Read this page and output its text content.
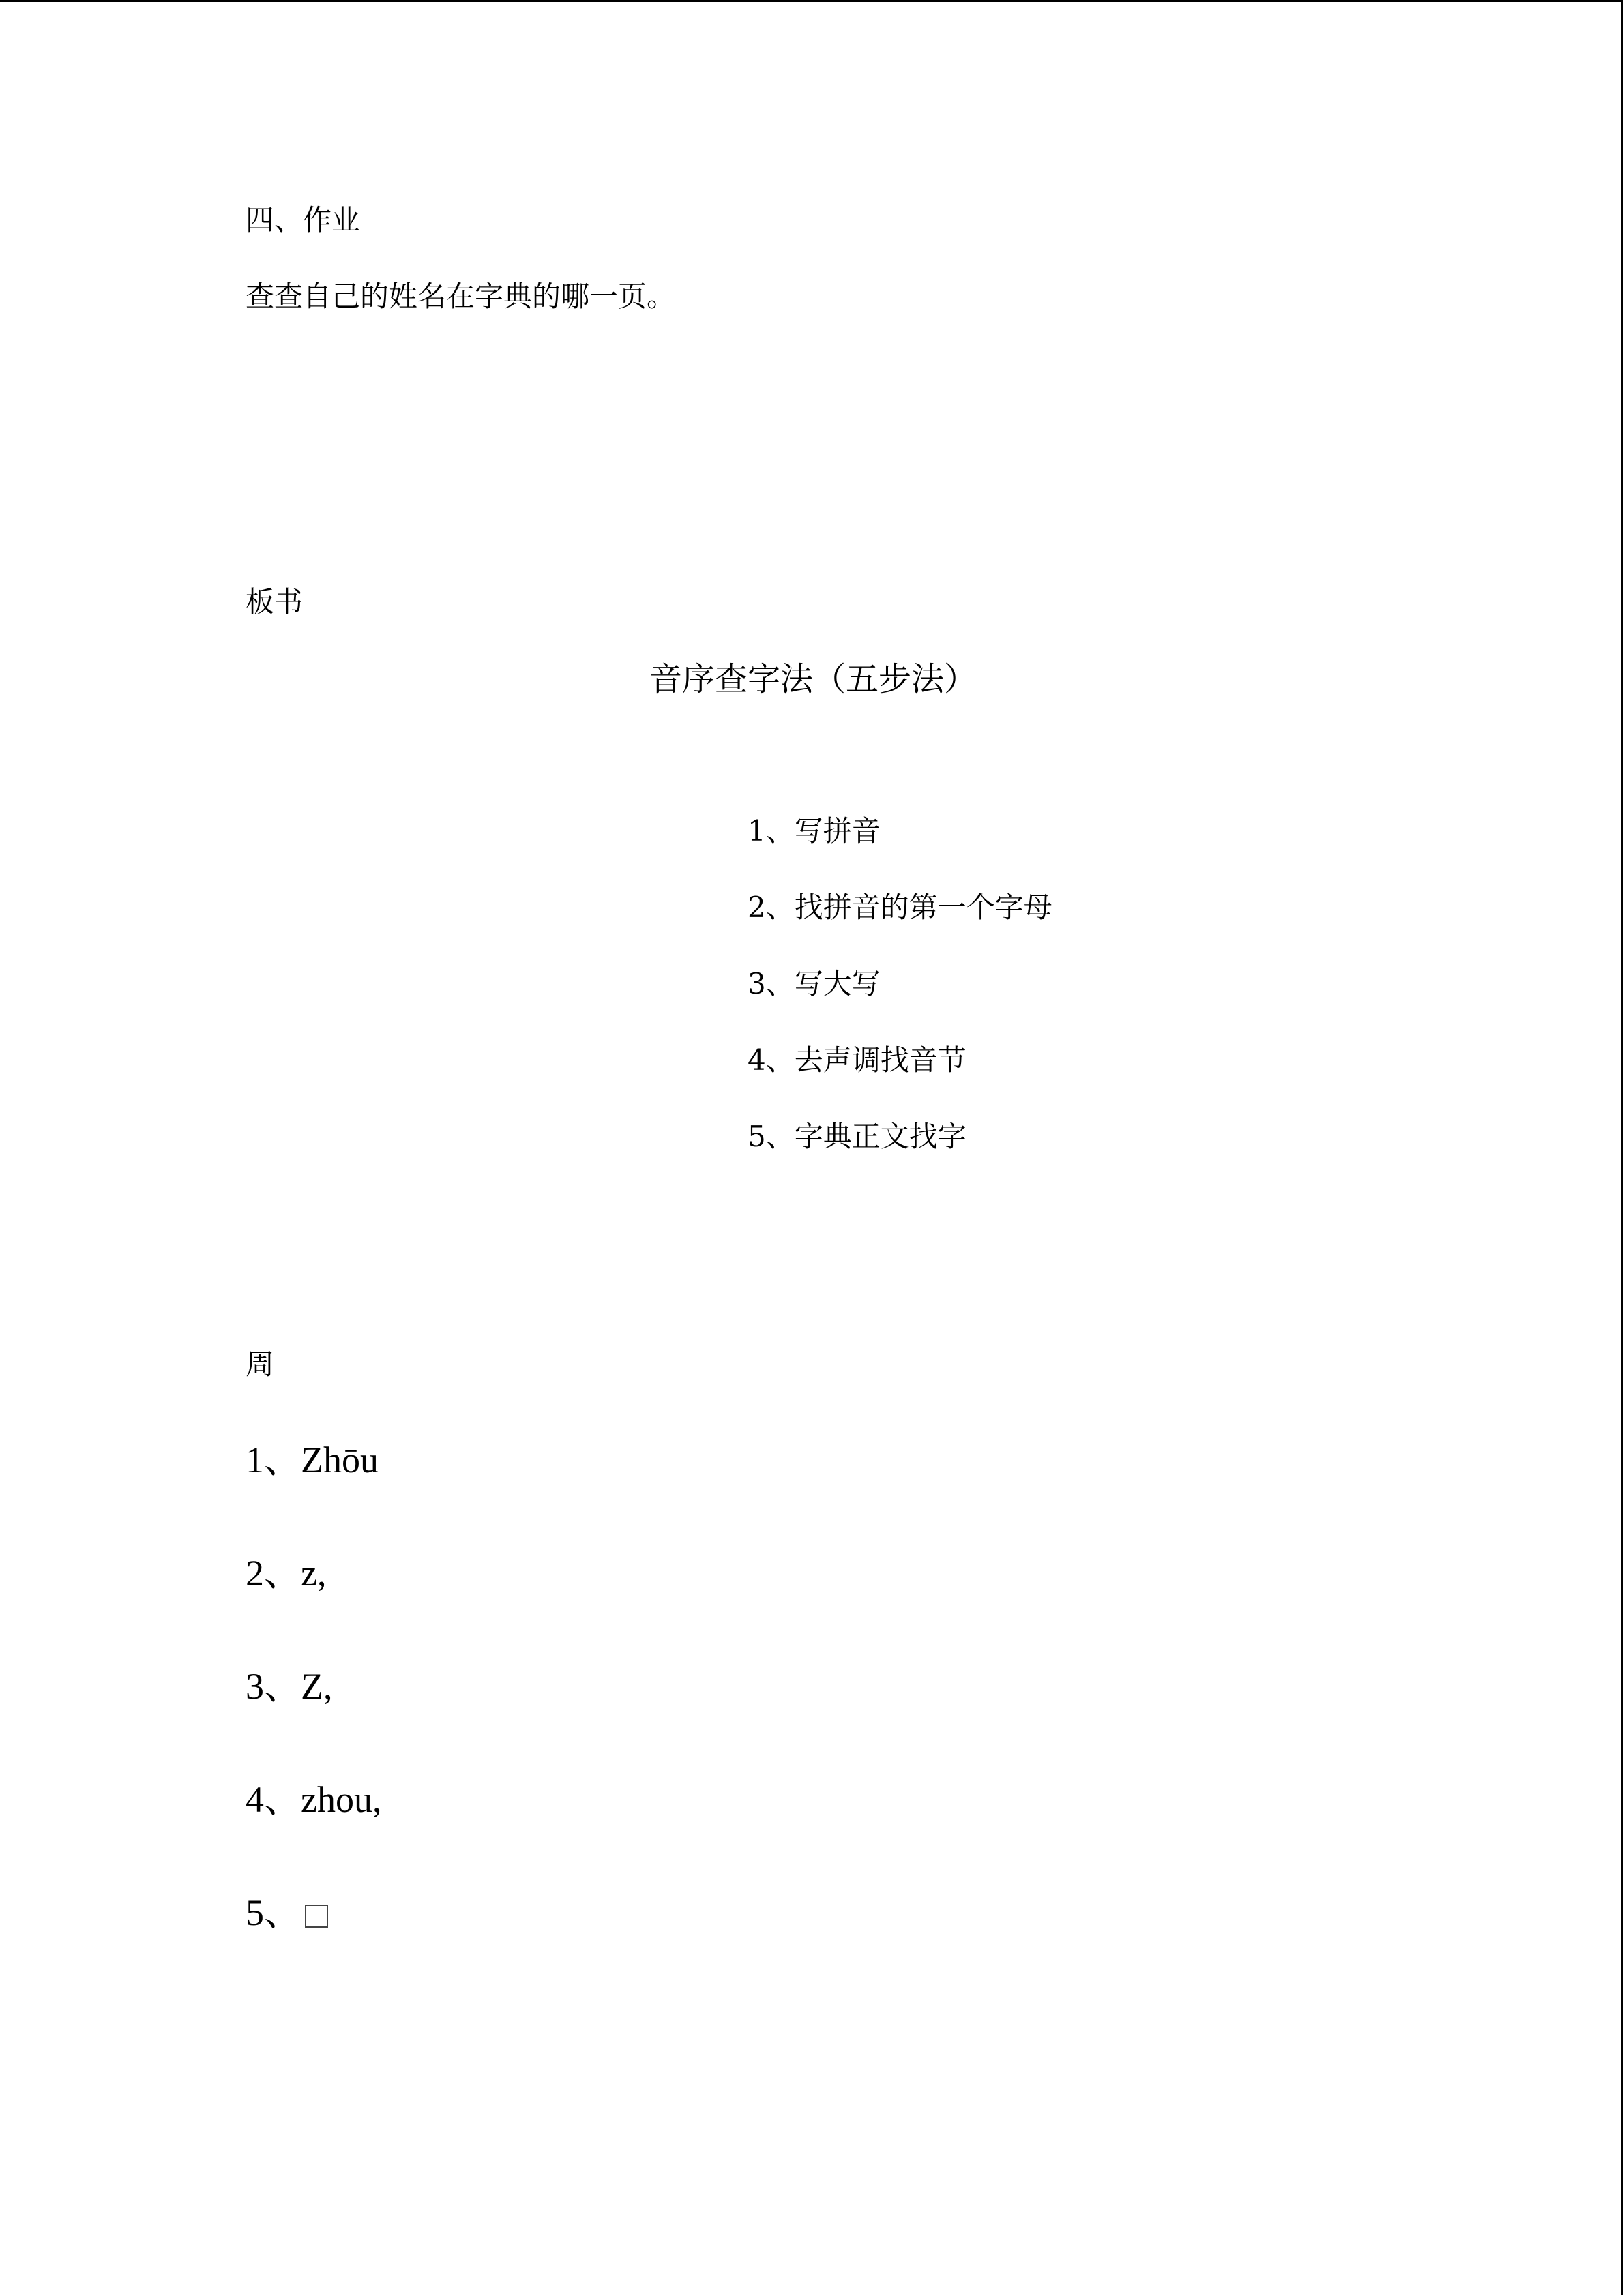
四、作业
查查自己的姓名在字典的哪一页。
板书
音序查字法（五步法）
1、写拼音
2、找拼音的第一个字母
3、写大写
4、去声调找音节
5、字典正文找字
周
1、Zhōu
2、z,
3、Z,
4、zhou,
5、
